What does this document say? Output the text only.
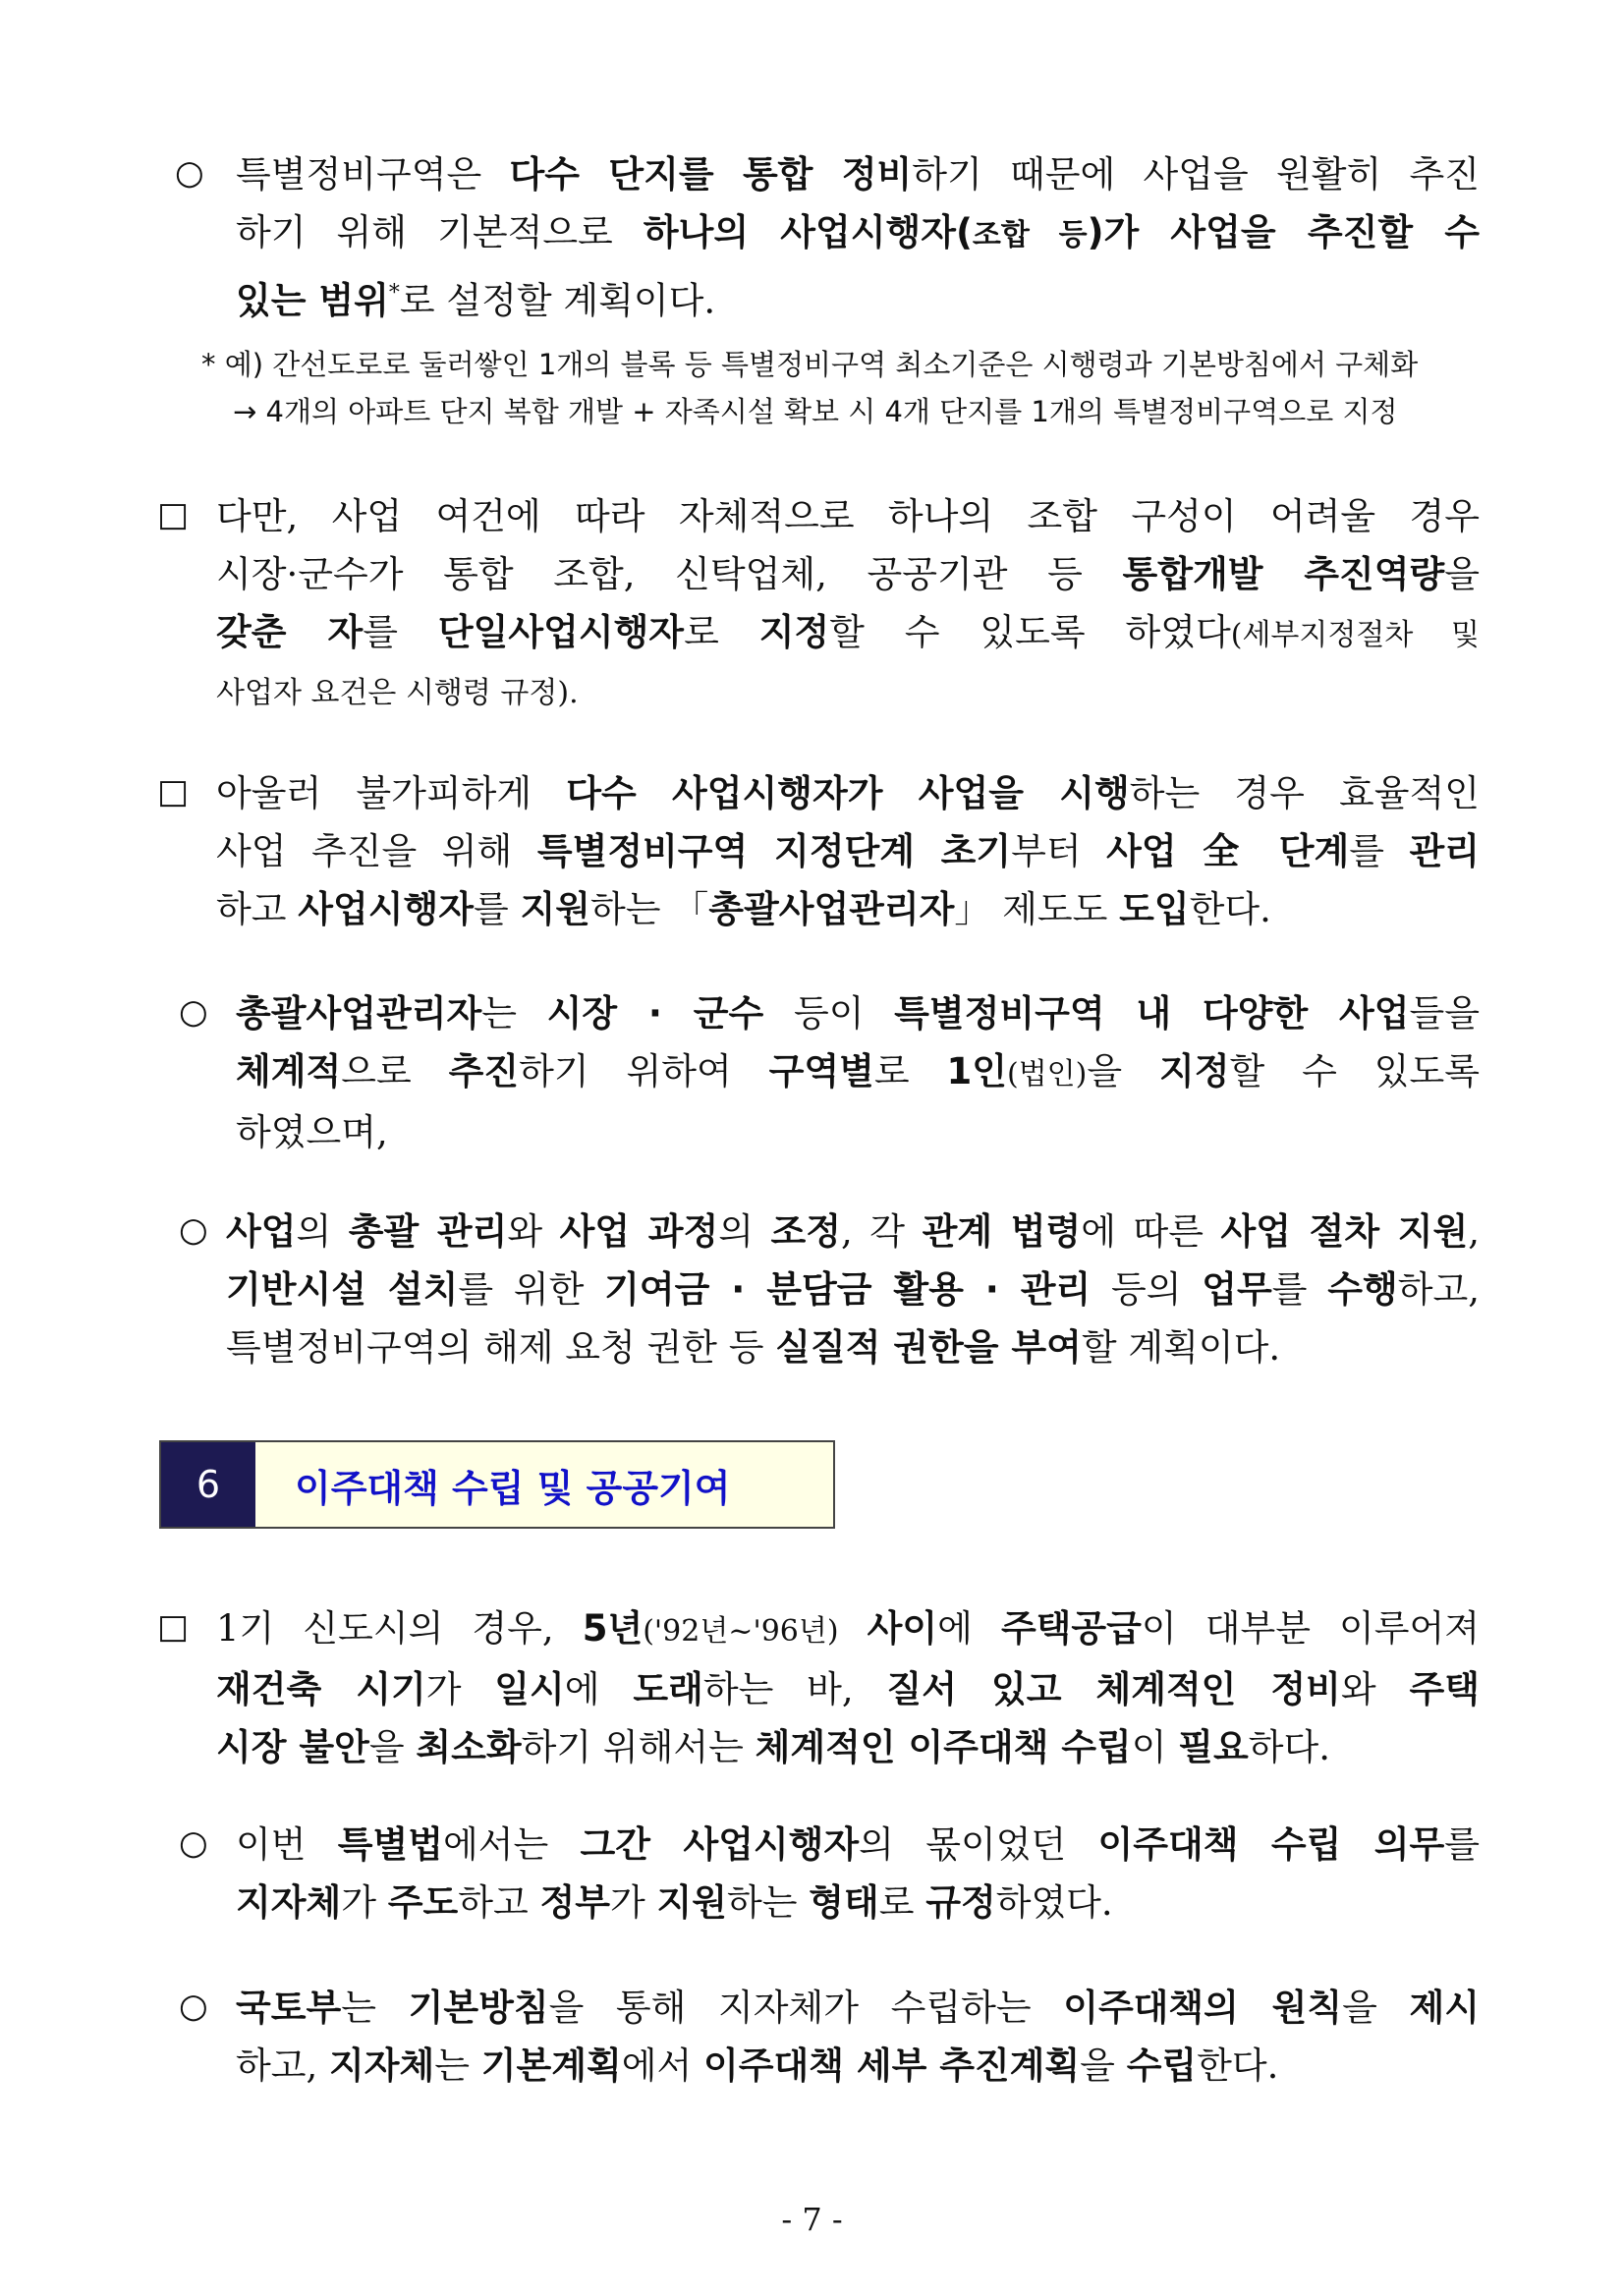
○ 특별정비구역은 다수 단지를 통합 정비하기 때문에 사업을 원활히 추진
하기 위해 기본적으로 하나의 사업시행자(조합 등)가 사업을 추진할 수
있는 범위*로 설정할 계획이다.
* 예) 간선도로로 둘러쌓인 1개의 블록 등 특별정비구역 최소기준은 시행령과 기본방침에서 구체화
→ 4개의 아파트 단지 복합 개발 + 자족시설 확보 시 4개 단지를 1개의 특별정비구역으로 지정
□ 다만, 사업 여건에 따라 자체적으로 하나의 조합 구성이 어려울 경우
시장·군수가 통합 조합, 신탁업체, 공공기관 등 통합개발 추진역량을
갖춘 자를 단일사업시행자로 지정할 수 있도록 하였다(세부지정절차 및
사업자 요건은 시행령 규정).
□ 아울러 불가피하게 다수 사업시행자가 사업을 시행하는 경우 효율적인
사업 추진을 위해 특별정비구역 지정단계 초기부터 사업 全 단계를 관리
하고 사업시행자를 지원하는 「총괄사업관리자」 제도도 도입한다.
○ 총괄사업관리자는 시장 · 군수 등이 특별정비구역 내 다양한 사업들을
체계적으로 추진하기 위하여 구역별로 1인(법인)을 지정할 수 있도록
하였으며,
○ 사업의 총괄 관리와 사업 과정의 조정, 각 관계 법령에 따른 사업 절차 지원,
기반시설 설치를 위한 기여금 · 분담금 활용 · 관리 등의 업무를 수행하고,
특별정비구역의 해제 요청 권한 등 실질적 권한을 부여할 계획이다.
6	이주대책 수립 및 공공기여
□ 1기 신도시의 경우, 5년('92년~'96년) 사이에 주택공급이 대부분 이루어져
재건축 시기가 일시에 도래하는 바, 질서 있고 체계적인 정비와 주택
시장 불안을 최소화하기 위해서는 체계적인 이주대책 수립이 필요하다.
○ 이번 특별법에서는 그간 사업시행자의 몫이었던 이주대책 수립 의무를
지자체가 주도하고 정부가 지원하는 형태로 규정하였다.
○ 국토부는 기본방침을 통해 지자체가 수립하는 이주대책의 원칙을 제시
하고, 지자체는 기본계획에서 이주대책 세부 추진계획을 수립한다.
- 7 -
